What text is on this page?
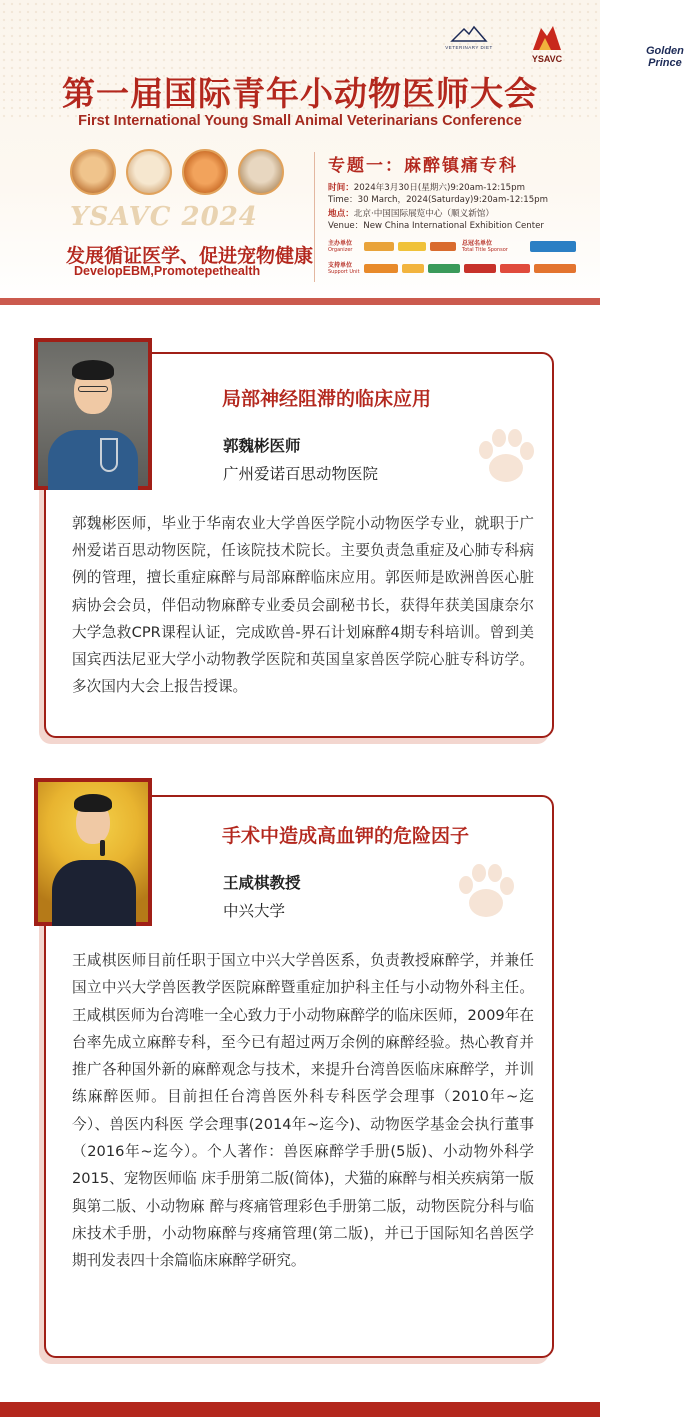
Golden Prince
VETERINARY DIET
YSAVC
第一届国际青年小动物医师大会
First International Young Small Animal Veterinarians Conference
YSAVC 2024
发展循证医学、促进宠物健康
DevelopEBM,Promotepethealth
专题一：麻醉镇痛专科
时间：2024年3月30日(星期六)9:20am-12:15pm
Time：30 March，2024(Saturday)9:20am-12:15pm
地点：北京·中国国际展览中心（顺义新馆）
Venue：New China International Exhibition Center
主办单位
Organizer
总冠名单位
Total Title Sponsor
支持单位
Support Unit
局部神经阻滞的临床应用
郭魏彬医师
广州爱诺百思动物医院
郭魏彬医师，毕业于华南农业大学兽医学院小动物医学专业，就职于广州爱诺百思动物医院，任该院技术院长。主要负责急重症及心肺专科病例的管理，擅长重症麻醉与局部麻醉临床应用。郭医师是欧洲兽医心脏病协会会员，伴侣动物麻醉专业委员会副秘书长，获得年获美国康奈尔大学急救CPR课程认证，完成欧兽-界石计划麻醉4期专科培训。曾到美国宾西法尼亚大学小动物教学医院和英国皇家兽医学院心脏专科访学。多次国内大会上报告授课。
手术中造成高血钾的危险因子
王咸棋教授
中兴大学
王咸棋医师目前任职于国立中兴大学兽医系，负责教授麻醉学，并兼任国立中兴大学兽医教学医院麻醉暨重症加护科主任与小动物外科主任。王咸棋医师为台湾唯一全心致力于小动物麻醉学的临床医师，2009年在台率先成立麻醉专科，至今已有超过两万余例的麻醉经验。热心教育并推广各种国外新的麻醉观念与技术，来提升台湾兽医临床麻醉学，并训练麻醉医师。目前担任台湾兽医外科专科医学会理事（2010年~迄今）、兽医内科医 学会理事(2014年~迄今)、动物医学基金会执行董事（2016年~迄今）。个人著作：兽医麻醉学手册(5版)、小动物外科学2015、宠物医师临 床手册第二版(简体)，犬猫的麻醉与相关疾病第一版與第二版、小动物麻 醉与疼痛管理彩色手册第二版，动物医院分科与临床技术手册，小动物麻醉与疼痛管理(第二版)，并已于国际知名兽医学期刊发表四十余篇临床麻醉学研究。
